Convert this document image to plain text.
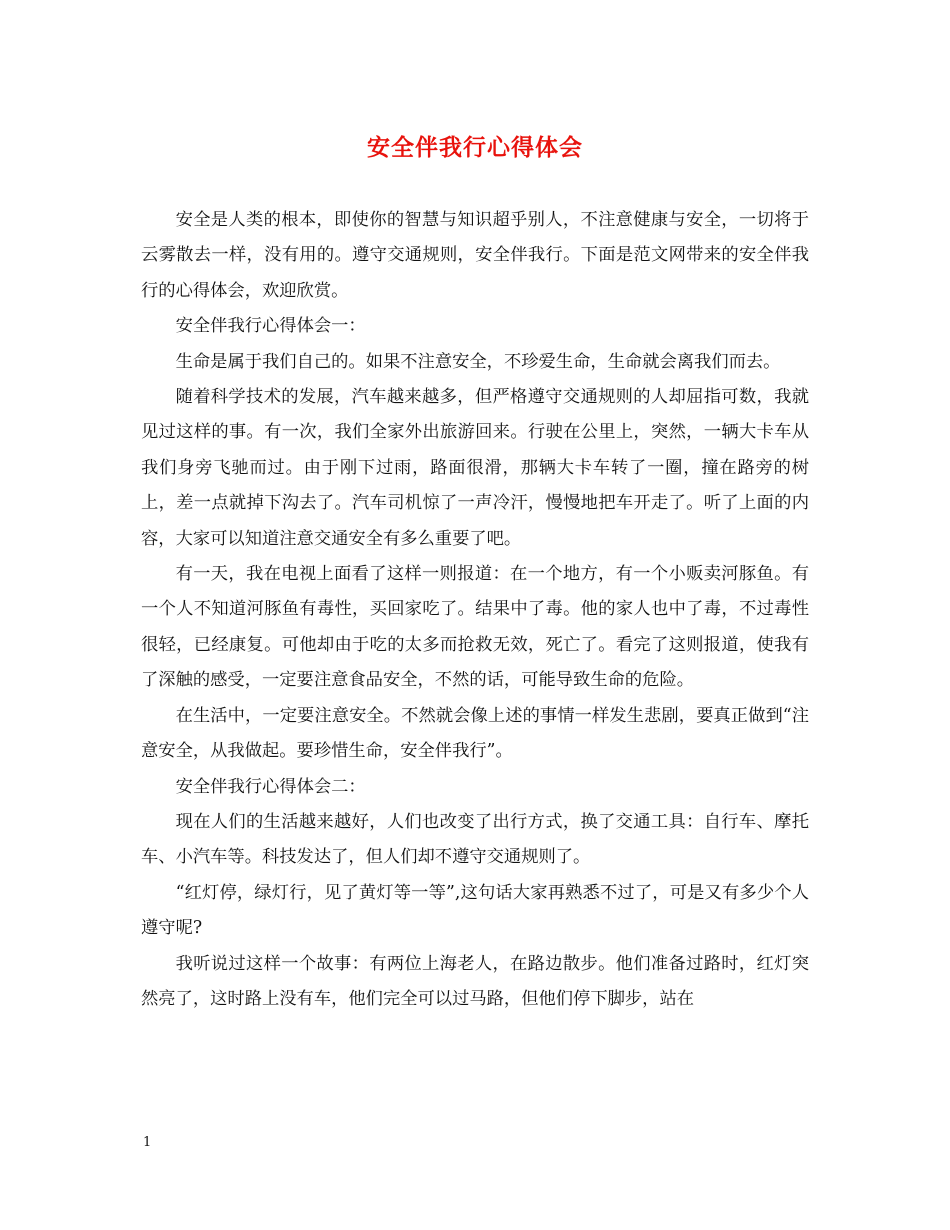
安全伴我行心得体会

安全是人类的根本，即使你的智慧与知识超乎别人，不注意健康与安全，一切将于云雾散去一样，没有用的。遵守交通规则，安全伴我行。下面是范文网带来的安全伴我行的心得体会，欢迎欣赏。

安全伴我行心得体会一：

生命是属于我们自己的。如果不注意安全，不珍爱生命，生命就会离我们而去。

随着科学技术的发展，汽车越来越多，但严格遵守交通规则的人却屈指可数，我就见过这样的事。有一次，我们全家外出旅游回来。行驶在公里上，突然，一辆大卡车从我们身旁飞驰而过。由于刚下过雨，路面很滑，那辆大卡车转了一圈，撞在路旁的树上，差一点就掉下沟去了。汽车司机惊了一声冷汗，慢慢地把车开走了。听了上面的内容，大家可以知道注意交通安全有多么重要了吧。

有一天，我在电视上面看了这样一则报道：在一个地方，有一个小贩卖河豚鱼。有一个人不知道河豚鱼有毒性，买回家吃了。结果中了毒。他的家人也中了毒，不过毒性很轻，已经康复。可他却由于吃的太多而抢救无效，死亡了。看完了这则报道，使我有了深触的感受，一定要注意食品安全，不然的话，可能导致生命的危险。

在生活中，一定要注意安全。不然就会像上述的事情一样发生悲剧，要真正做到“注意安全，从我做起。要珍惜生命，安全伴我行”。

安全伴我行心得体会二：

现在人们的生活越来越好，人们也改变了出行方式，换了交通工具：自行车、摩托车、小汽车等。科技发达了，但人们却不遵守交通规则了。

“红灯停，绿灯行，见了黄灯等一等”,这句话大家再熟悉不过了，可是又有多少个人遵守呢?

我听说过这样一个故事：有两位上海老人，在路边散步。他们准备过路时，红灯突然亮了，这时路上没有车，他们完全可以过马路，但他们停下脚步，站在

1
